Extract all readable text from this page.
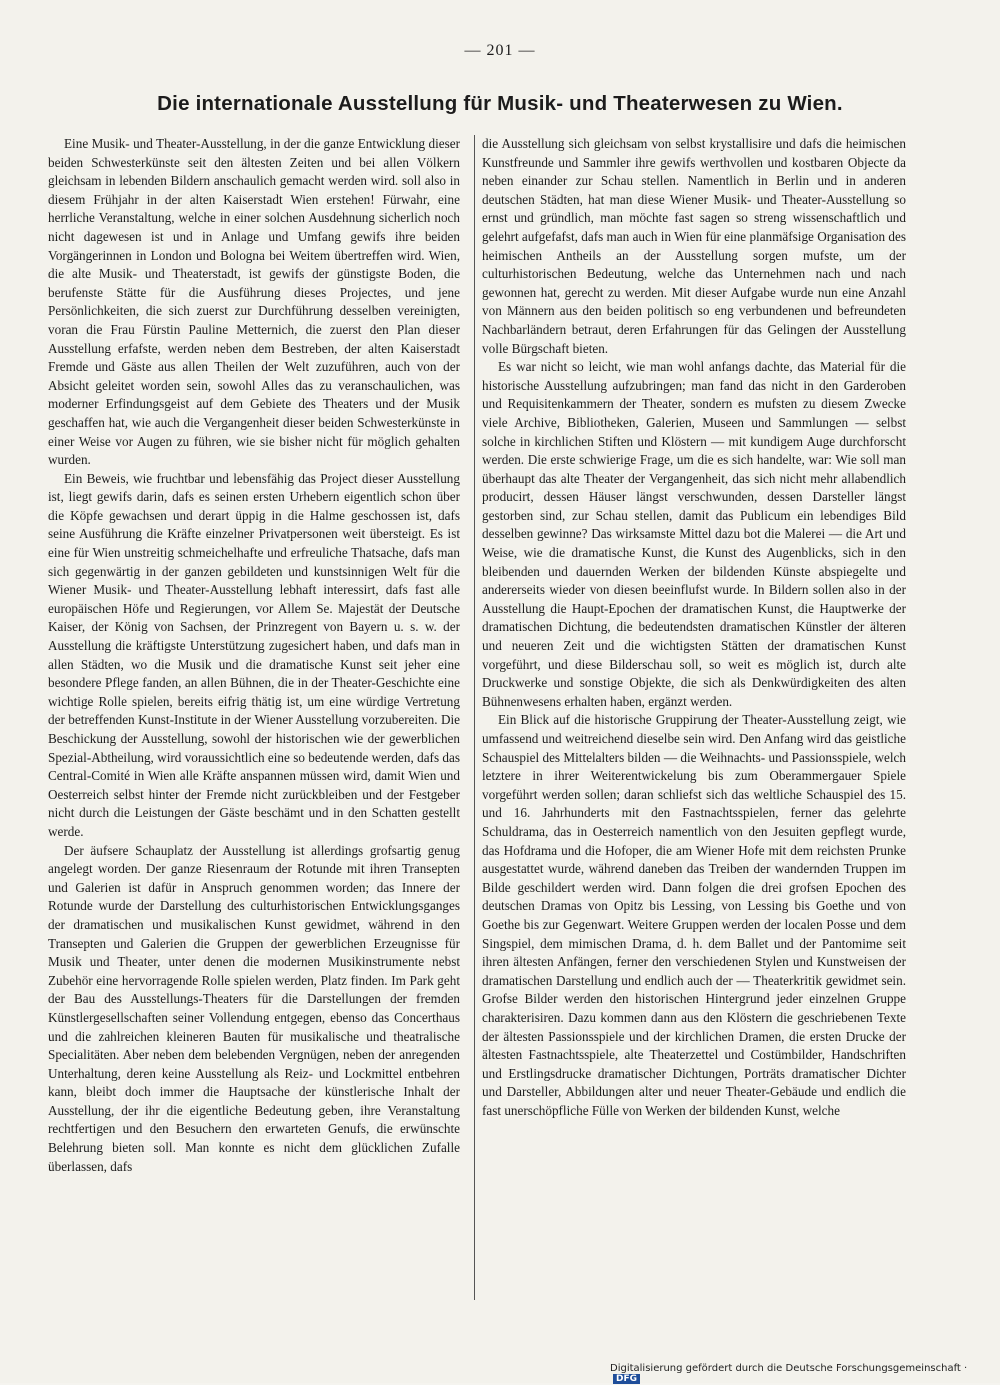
— 201 —
Die internationale Ausstellung für Musik- und Theaterwesen zu Wien.

Eine Musik- und Theater-Ausstellung, in der die ganze Entwicklung dieser beiden Schwesterkünste seit den ältesten Zeiten und bei allen Völkern gleichsam in lebenden Bildern anschaulich gemacht werden wird. soll also in diesem Frühjahr in der alten Kaiserstadt Wien erstehen! Fürwahr, eine herrliche Veranstaltung, welche in einer solchen Ausdehnung sicherlich noch nicht dagewesen ist und in Anlage und Umfang gewifs ihre beiden Vorgängerinnen in London und Bologna bei Weitem übertreffen wird. Wien, die alte Musik- und Theaterstadt, ist gewifs der günstigste Boden, die berufenste Stätte für die Ausführung dieses Projectes, und jene Persönlichkeiten, die sich zuerst zur Durchführung desselben vereinigten, voran die Frau Fürstin Pauline Metternich, die zuerst den Plan dieser Ausstellung erfafste, werden neben dem Bestreben, der alten Kaiserstadt Fremde und Gäste aus allen Theilen der Welt zuzuführen, auch von der Absicht geleitet worden sein, sowohl Alles das zu veranschaulichen, was moderner Erfindungsgeist auf dem Gebiete des Theaters und der Musik geschaffen hat, wie auch die Vergangenheit dieser beiden Schwesterkünste in einer Weise vor Augen zu führen, wie sie bisher nicht für möglich gehalten wurden.

Ein Beweis, wie fruchtbar und lebensfähig das Project dieser Ausstellung ist, liegt gewifs darin, dafs es seinen ersten Urhebern eigentlich schon über die Köpfe gewachsen und derart üppig in die Halme geschossen ist, dafs seine Ausführung die Kräfte einzelner Privatpersonen weit übersteigt. Es ist eine für Wien unstreitig schmeichelhafte und erfreuliche Thatsache, dafs man sich gegenwärtig in der ganzen gebildeten und kunstsinnigen Welt für die Wiener Musik- und Theater-Ausstellung lebhaft interessirt, dafs fast alle europäischen Höfe und Regierungen, vor Allem Se. Majestät der Deutsche Kaiser, der König von Sachsen, der Prinzregent von Bayern u. s. w. der Ausstellung die kräftigste Unterstützung zugesichert haben, und dafs man in allen Städten, wo die Musik und die dramatische Kunst seit jeher eine besondere Pflege fanden, an allen Bühnen, die in der Theater-Geschichte eine wichtige Rolle spielen, bereits eifrig thätig ist, um eine würdige Vertretung der betreffenden Kunst-Institute in der Wiener Ausstellung vorzubereiten. Die Beschickung der Ausstellung, sowohl der historischen wie der gewerblichen Spezial-Abtheilung, wird voraussichtlich eine so bedeutende werden, dafs das Central-Comité in Wien alle Kräfte anspannen müssen wird, damit Wien und Oesterreich selbst hinter der Fremde nicht zurückbleiben und der Festgeber nicht durch die Leistungen der Gäste beschämt und in den Schatten gestellt werde.

Der äufsere Schauplatz der Ausstellung ist allerdings grofsartig genug angelegt worden. Der ganze Riesenraum der Rotunde mit ihren Transepten und Galerien ist dafür in Anspruch genommen worden; das Innere der Rotunde wurde der Darstellung des culturhistorischen Entwicklungsganges der dramatischen und musikalischen Kunst gewidmet, während in den Transepten und Galerien die Gruppen der gewerblichen Erzeugnisse für Musik und Theater, unter denen die modernen Musikinstrumente nebst Zubehör eine hervorragende Rolle spielen werden, Platz finden. Im Park geht der Bau des Ausstellungs-Theaters für die Darstellungen der fremden Künstlergesellschaften seiner Vollendung entgegen, ebenso das Concerthaus und die zahlreichen kleineren Bauten für musikalische und theatralische Specialitäten. Aber neben dem belebenden Vergnügen, neben der anregenden Unterhaltung, deren keine Ausstellung als Reiz- und Lockmittel entbehren kann, bleibt doch immer die Hauptsache der künstlerische Inhalt der Ausstellung, der ihr die eigentliche Bedeutung geben, ihre Veranstaltung rechtfertigen und den Besuchern den erwarteten Genufs, die erwünschte Belehrung bieten soll. Man konnte es nicht dem glücklichen Zufalle überlassen, dafs

die Ausstellung sich gleichsam von selbst krystallisire und dafs die heimischen Kunstfreunde und Sammler ihre gewifs werthvollen und kostbaren Objecte da neben einander zur Schau stellen. Namentlich in Berlin und in anderen deutschen Städten, hat man diese Wiener Musik- und Theater-Ausstellung so ernst und gründlich, man möchte fast sagen so streng wissenschaftlich und gelehrt aufgefafst, dafs man auch in Wien für eine planmäfsige Organisation des heimischen Antheils an der Ausstellung sorgen mufste, um der culturhistorischen Bedeutung, welche das Unternehmen nach und nach gewonnen hat, gerecht zu werden. Mit dieser Aufgabe wurde nun eine Anzahl von Männern aus den beiden politisch so eng verbundenen und befreundeten Nachbarländern betraut, deren Erfahrungen für das Gelingen der Ausstellung volle Bürgschaft bieten.

Es war nicht so leicht, wie man wohl anfangs dachte, das Material für die historische Ausstellung aufzubringen; man fand das nicht in den Garderoben und Requisitenkammern der Theater, sondern es mufsten zu diesem Zwecke viele Archive, Bibliotheken, Galerien, Museen und Sammlungen — selbst solche in kirchlichen Stiften und Klöstern — mit kundigem Auge durchforscht werden. Die erste schwierige Frage, um die es sich handelte, war: Wie soll man überhaupt das alte Theater der Vergangenheit, das sich nicht mehr allabendlich producirt, dessen Häuser längst verschwunden, dessen Darsteller längst gestorben sind, zur Schau stellen, damit das Publicum ein lebendiges Bild desselben gewinne? Das wirksamste Mittel dazu bot die Malerei — die Art und Weise, wie die dramatische Kunst, die Kunst des Augenblicks, sich in den bleibenden und dauernden Werken der bildenden Künste abspiegelte und andererseits wieder von diesen beeinflufst wurde. In Bildern sollen also in der Ausstellung die Haupt-Epochen der dramatischen Kunst, die Hauptwerke der dramatischen Dichtung, die bedeutendsten dramatischen Künstler der älteren und neueren Zeit und die wichtigsten Stätten der dramatischen Kunst vorgeführt, und diese Bilderschau soll, so weit es möglich ist, durch alte Druckwerke und sonstige Objekte, die sich als Denkwürdigkeiten des alten Bühnenwesens erhalten haben, ergänzt werden.

Ein Blick auf die historische Gruppirung der Theater-Ausstellung zeigt, wie umfassend und weitreichend dieselbe sein wird. Den Anfang wird das geistliche Schauspiel des Mittelalters bilden — die Weihnachts- und Passionsspiele, welch letztere in ihrer Weiterentwickelung bis zum Oberammergauer Spiele vorgeführt werden sollen; daran schliefst sich das weltliche Schauspiel des 15. und 16. Jahrhunderts mit den Fastnachtsspielen, ferner das gelehrte Schuldrama, das in Oesterreich namentlich von den Jesuiten gepflegt wurde, das Hofdrama und die Hofoper, die am Wiener Hofe mit dem reichsten Prunke ausgestattet wurde, während daneben das Treiben der wandernden Truppen im Bilde geschildert werden wird. Dann folgen die drei grofsen Epochen des deutschen Dramas von Opitz bis Lessing, von Lessing bis Goethe und von Goethe bis zur Gegenwart. Weitere Gruppen werden der localen Posse und dem Singspiel, dem mimischen Drama, d. h. dem Ballet und der Pantomime seit ihren ältesten Anfängen, ferner den verschiedenen Stylen und Kunstweisen der dramatischen Darstellung und endlich auch der — Theaterkritik gewidmet sein. Grofse Bilder werden den historischen Hintergrund jeder einzelnen Gruppe charakterisiren. Dazu kommen dann aus den Klöstern die geschriebenen Texte der ältesten Passionsspiele und der kirchlichen Dramen, die ersten Drucke der ältesten Fastnachtsspiele, alte Theaterzettel und Costümbilder, Handschriften und Erstlingsdrucke dramatischer Dichtungen, Porträts dramatischer Dichter und Darsteller, Abbildungen alter und neuer Theater-Gebäude und endlich die fast unerschöpfliche Fülle von Werken der bildenden Kunst, welche

Digitalisierung gefördert durch die Deutsche Forschungsgemeinschaft · DFG
